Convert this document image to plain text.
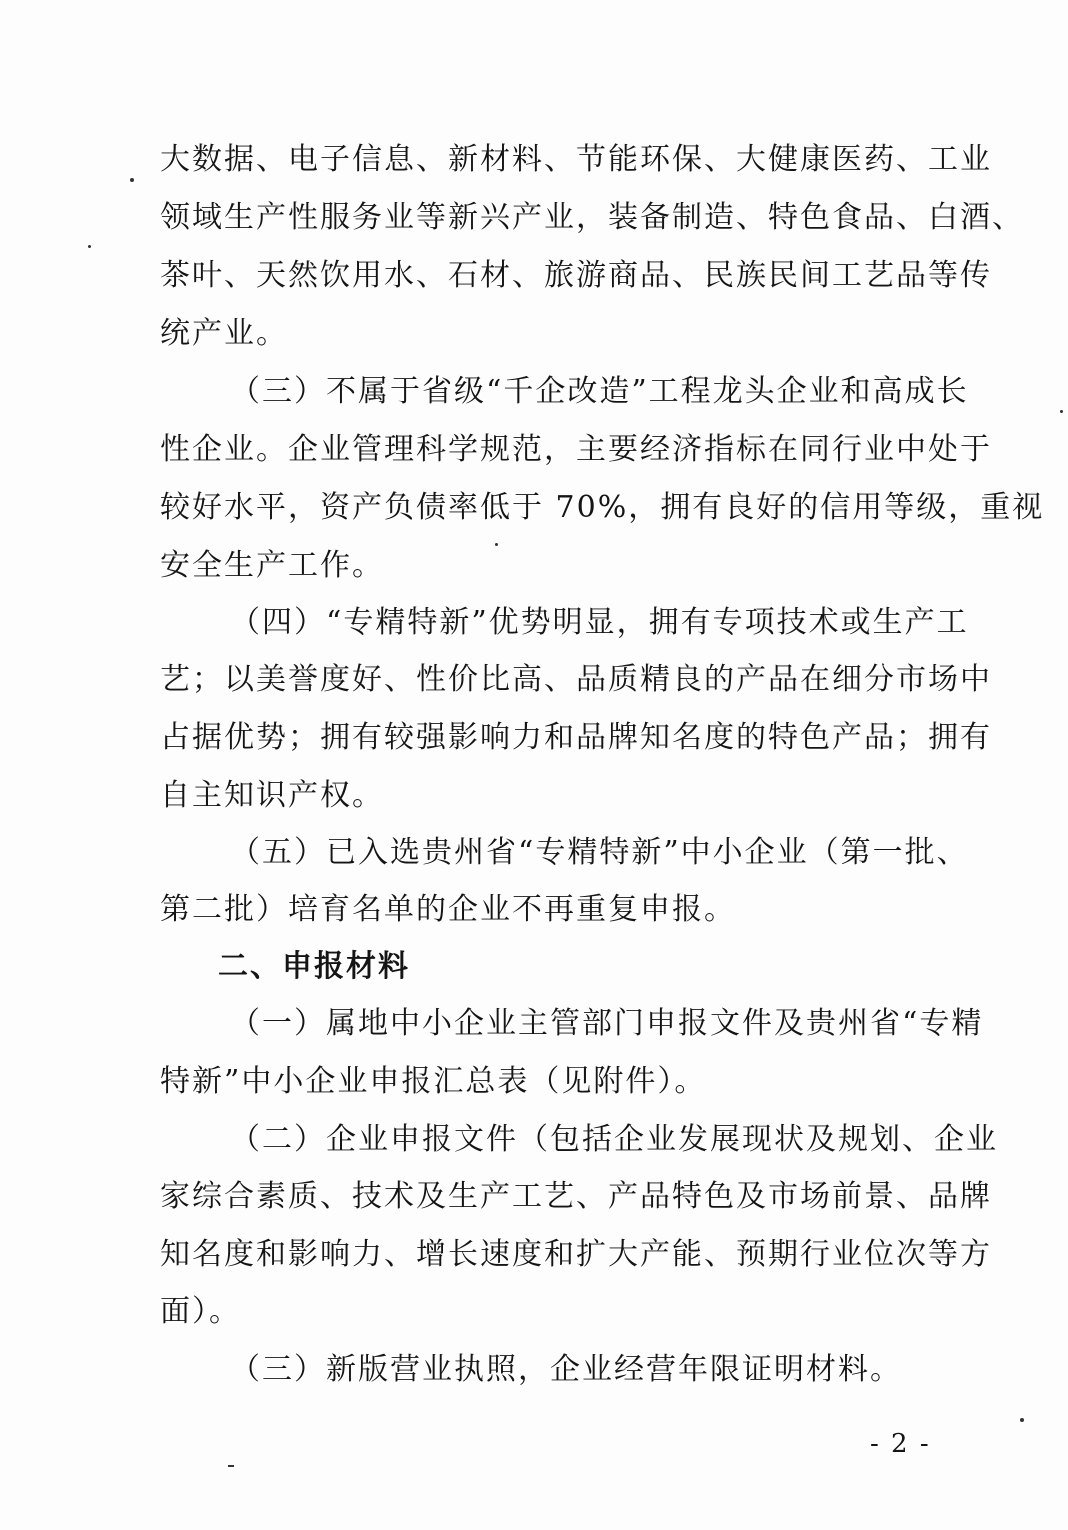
大数据、电子信息、新材料、节能环保、大健康医药、工业
领域生产性服务业等新兴产业，装备制造、特色食品、白酒、
茶叶、天然饮用水、石材、旅游商品、民族民间工艺品等传
统产业。
（三）不属于省级“千企改造”工程龙头企业和高成长
性企业。企业管理科学规范，主要经济指标在同行业中处于
较好水平，资产负债率低于 70%，拥有良好的信用等级，重视
安全生产工作。
（四）“专精特新”优势明显，拥有专项技术或生产工
艺；以美誉度好、性价比高、品质精良的产品在细分市场中
占据优势；拥有较强影响力和品牌知名度的特色产品；拥有
自主知识产权。
（五）已入选贵州省“专精特新”中小企业（第一批、
第二批）培育名单的企业不再重复申报。
二、申报材料
（一）属地中小企业主管部门申报文件及贵州省“专精
特新”中小企业申报汇总表（见附件）。
（二）企业申报文件（包括企业发展现状及规划、企业
家综合素质、技术及生产工艺、产品特色及市场前景、品牌
知名度和影响力、增长速度和扩大产能、预期行业位次等方
面）。
（三）新版营业执照，企业经营年限证明材料。
- 2 -
